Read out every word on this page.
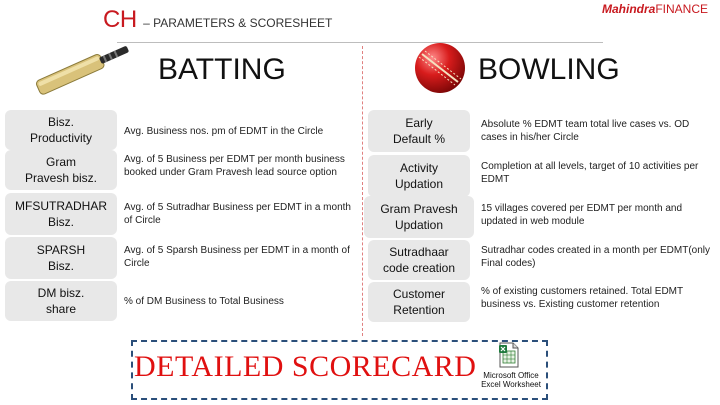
CH – PARAMETERS & SCORESHEET
MahindraFINANCE
BATTING	BOWLING
Bisz.
Productivity	Avg. Business nos. pm of EDMT in the Circle
Gram
Pravesh bisz.
Avg. of 5 Business per EDMT per month business booked under Gram Pravesh lead source option
MFSUTRADHAR
Bisz.
Avg. of 5 Sutradhar Business per EDMT in a month of Circle
SPARSH
Bisz.
Avg. of 5 Sparsh Business per EDMT in a month of Circle
DM bisz.
share
% of DM Business to Total Business
Early
Default %
Absolute % EDMT team total live cases vs. OD cases in his/her Circle
Activity
Updation
Completion at all levels, target of 10 activities per EDMT
Gram Pravesh
Updation
15 villages covered per EDMT per month and updated in web module
Sutradhaar
code creation
Sutradhar codes created in a month per EDMT(only Final codes)
Customer
Retention
% of existing customers retained. Total EDMT business vs. Existing customer retention
DETAILED SCORECARD Microsoft Office
Excel Worksheet
